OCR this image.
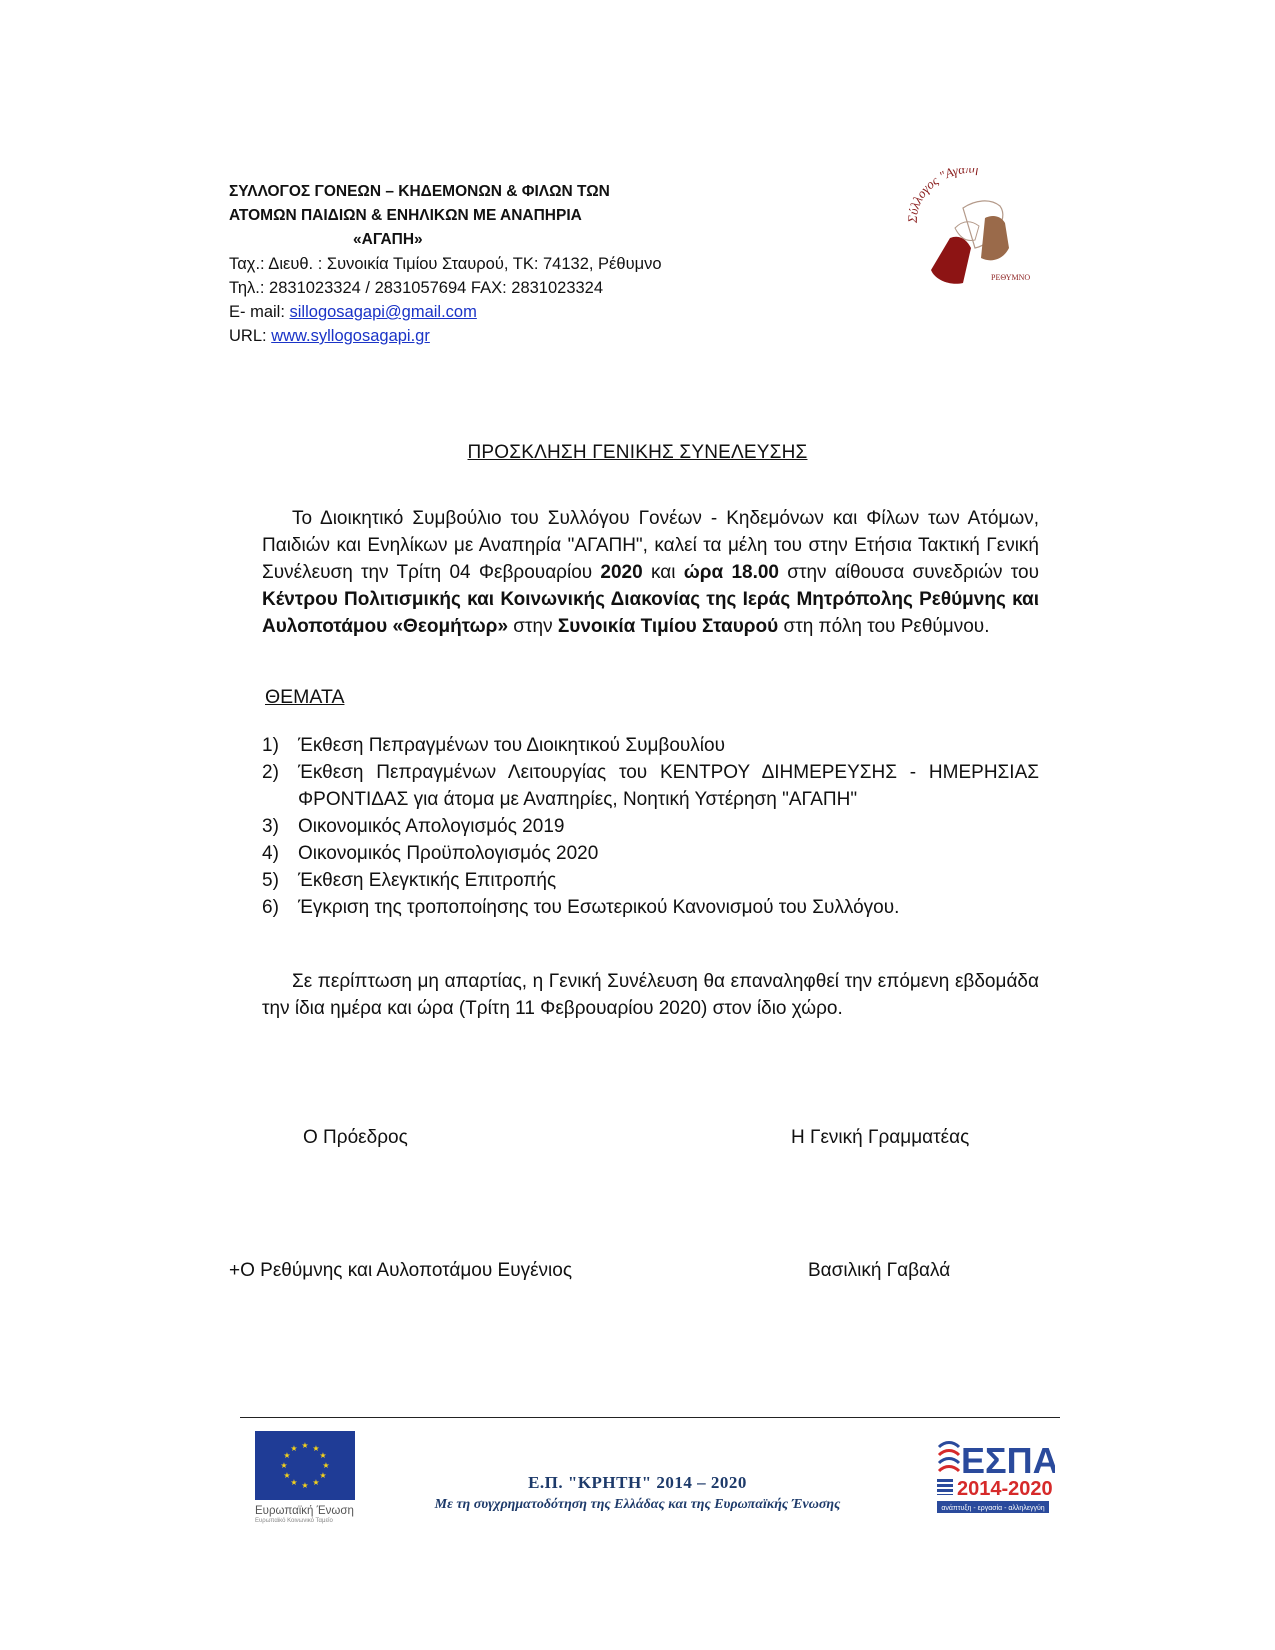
ΣΥΛΛΟΓΟΣ ΓΟΝΕΩΝ – ΚΗΔΕΜΟΝΩΝ & ΦΙΛΩΝ ΤΩΝ
ΑΤΟΜΩΝ ΠΑΙΔΙΩΝ & ΕΝΗΛΙΚΩΝ ΜΕ ΑΝΑΠΗΡΙΑ
«ΑΓΑΠΗ»
Ταχ.: Διευθ. : Συνοικία Τιμίου Σταυρού, ΤΚ: 74132, Ρέθυμνο
Τηλ.: 2831023324 / 2831057694 FAX: 2831023324
E- mail: sillogosagapi@gmail.com
URL: www.syllogosagapi.gr
Σύλλογος "Αγάπ "
ΡΕΘΥΜΝΟ
ΠΡΟΣΚΛΗΣΗ ΓΕΝΙΚΗΣ ΣΥΝΕΛΕΥΣΗΣ

Το Διοικητικό Συμβούλιο του Συλλόγου Γονέων - Κηδεμόνων και Φίλων των Ατόμων, Παιδιών και Ενηλίκων με Αναπηρία "ΑΓΑΠΗ", καλεί τα μέλη του στην Ετήσια Τακτική Γενική Συνέλευση την Τρίτη 04 Φεβρουαρίου 2020 και ώρα 18.00 στην αίθουσα συνεδριών του Κέντρου Πολιτισμικής και Κοινωνικής Διακονίας της Ιεράς Μητρόπολης Ρεθύμνης και Αυλοποτάμου «Θεομήτωρ» στην Συνοικία Τιμίου Σταυρού στη πόλη του Ρεθύμνου.

ΘΕΜΑΤΑ
1)	Έκθεση Πεπραγμένων του Διοικητικού Συμβουλίου
2)	Έκθεση Πεπραγμένων Λειτουργίας του ΚΕΝΤΡΟΥ ΔΙΗΜΕΡΕΥΣΗΣ - ΗΜΕΡΗΣΙΑΣ ΦΡΟΝΤΙΔΑΣ για άτομα με Αναπηρίες, Νοητική Υστέρηση "ΑΓΑΠΗ"
3)	Οικονομικός Απολογισμός 2019
4)	Οικονομικός Προϋπολογισμός 2020
5)	Έκθεση Ελεγκτικής Επιτροπής
6)	Έγκριση της τροποποίησης του Εσωτερικού Κανονισμού του Συλλόγου.

Σε περίπτωση μη απαρτίας, η Γενική Συνέλευση θα επαναληφθεί την επόμενη εβδομάδα την ίδια ημέρα και ώρα (Τρίτη 11 Φεβρουαρίου 2020) στον ίδιο χώρο.

Ο Πρόεδρος	Η Γενική Γραμματέας
+Ο Ρεθύμνης και Αυλοποτάμου Ευγένιος	Βασιλική Γαβαλά
★ ★
★
★
★
★
★
★
★
★
★
★
Ευρωπαϊκή Ένωση
Ευρωπαϊκό Κοινωνικό Ταμείο
Ε.Π. "ΚΡΗΤΗ" 2014 – 2020
Με τη συγχρηματοδότηση της Ελλάδας και της Ευρωπαϊκής Ένωσης
ΕΣΠΑ
2014-2020
ανάπτυξη - εργασία - αλληλεγγύη
